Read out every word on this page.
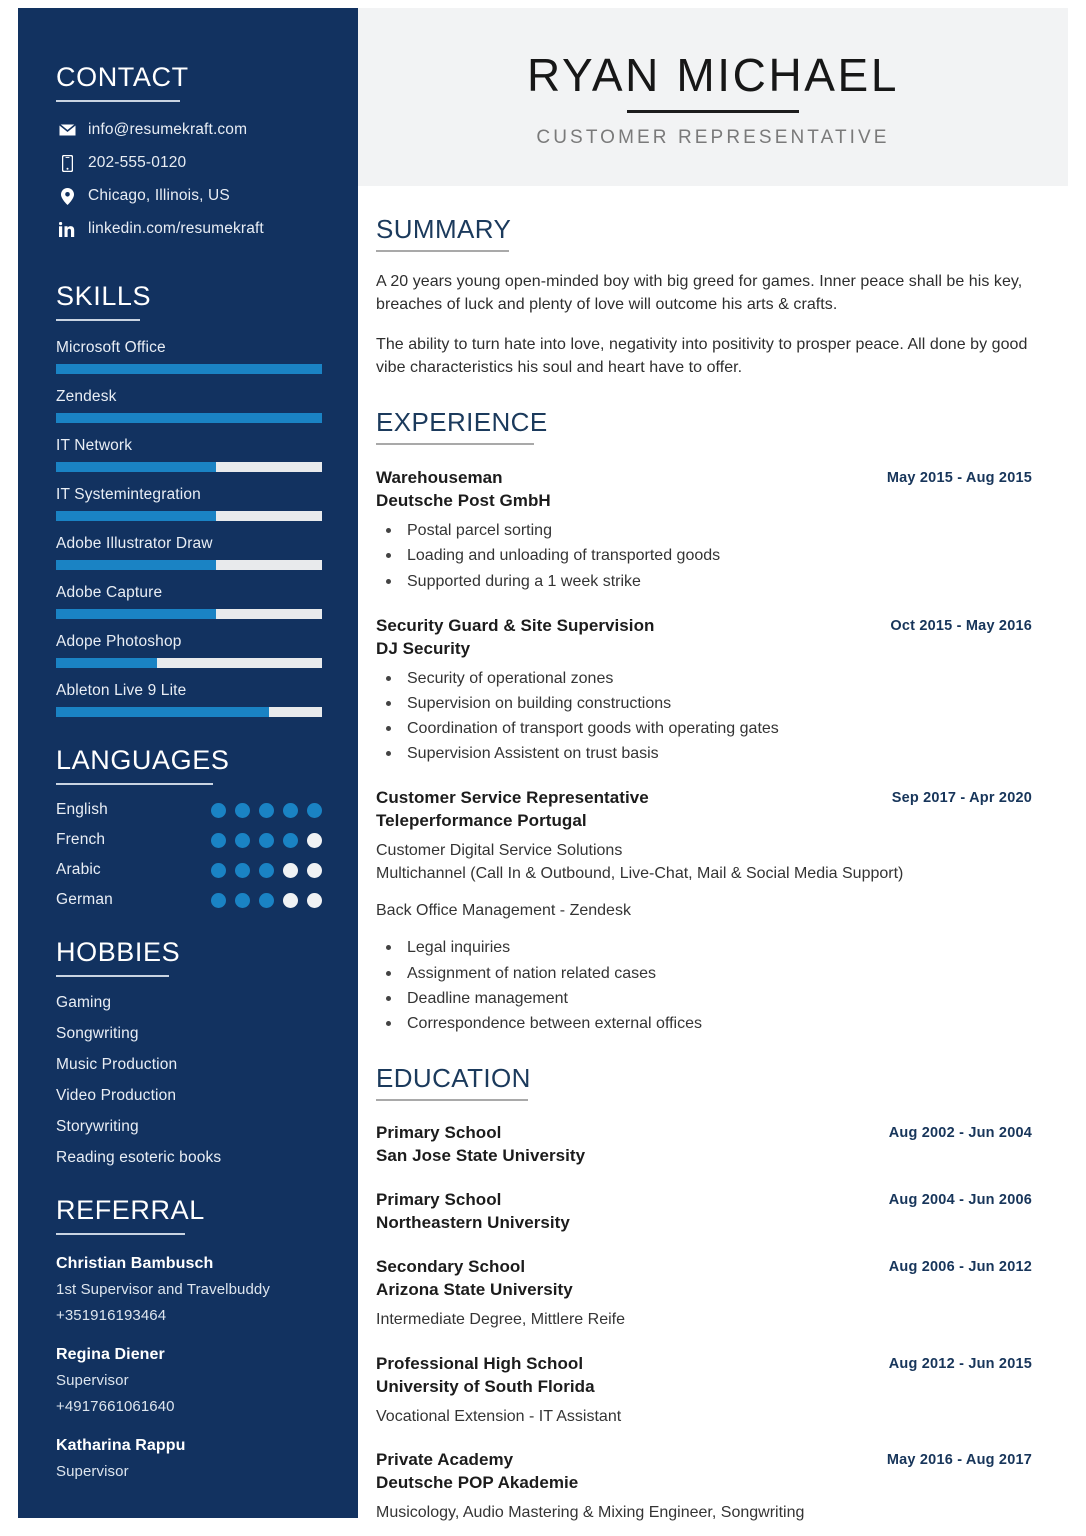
CONTACT
info@resumekraft.com
202-555-0120
Chicago, Illinois, US
linkedin.com/resumekraft
SKILLS
Microsoft Office
Zendesk
IT Network
IT Systemintegration
Adobe Illustrator Draw
Adobe Capture
Adope Photoshop
Ableton Live 9 Lite
LANGUAGES
English
French
Arabic
German
HOBBIES
Gaming
Songwriting
Music Production
Video Production
Storywriting
Reading esoteric books
REFERRAL
Christian Bambusch
1st Supervisor and Travelbuddy
+351916193464
Regina Diener
Supervisor
+4917661061640
Katharina Rappu
Supervisor
RYAN MICHAEL
CUSTOMER REPRESENTATIVE
SUMMARY

A 20 years young open-minded boy with big greed for games. Inner peace shall be his key, breaches of luck and plenty of love will outcome his arts & crafts.

The ability to turn hate into love, negativity into positivity to prosper peace. All done by good vibe characteristics his soul and heart have to offer.

EXPERIENCE
Warehouseman
Deutsche Post GmbH
May 2015 - Aug 2015
Postal parcel sorting
Loading and unloading of transported goods
Supported during a 1 week strike
Security Guard & Site Supervision
DJ Security
Oct 2015 - May 2016
Security of operational zones
Supervision on building constructions
Coordination of transport goods with operating gates
Supervision Assistent on trust basis
Customer Service Representative
Teleperformance Portugal
Sep 2017 - Apr 2020
Customer Digital Service Solutions
Multichannel (Call In & Outbound, Live-Chat, Mail & Social Media Support)
Back Office Management - Zendesk
Legal inquiries
Assignment of nation related cases
Deadline management
Correspondence between external offices
EDUCATION
Primary School
San Jose State University
Aug 2002 - Jun 2004
Primary School
Northeastern University
Aug 2004 - Jun 2006
Secondary School
Arizona State University
Aug 2006 - Jun 2012
Intermediate Degree, Mittlere Reife
Professional High School
University of South Florida
Aug 2012 - Jun 2015
Vocational Extension - IT Assistant
Private Academy
Deutsche POP Akademie
May 2016 - Aug 2017
Musicology, Audio Mastering & Mixing Engineer, Songwriting
